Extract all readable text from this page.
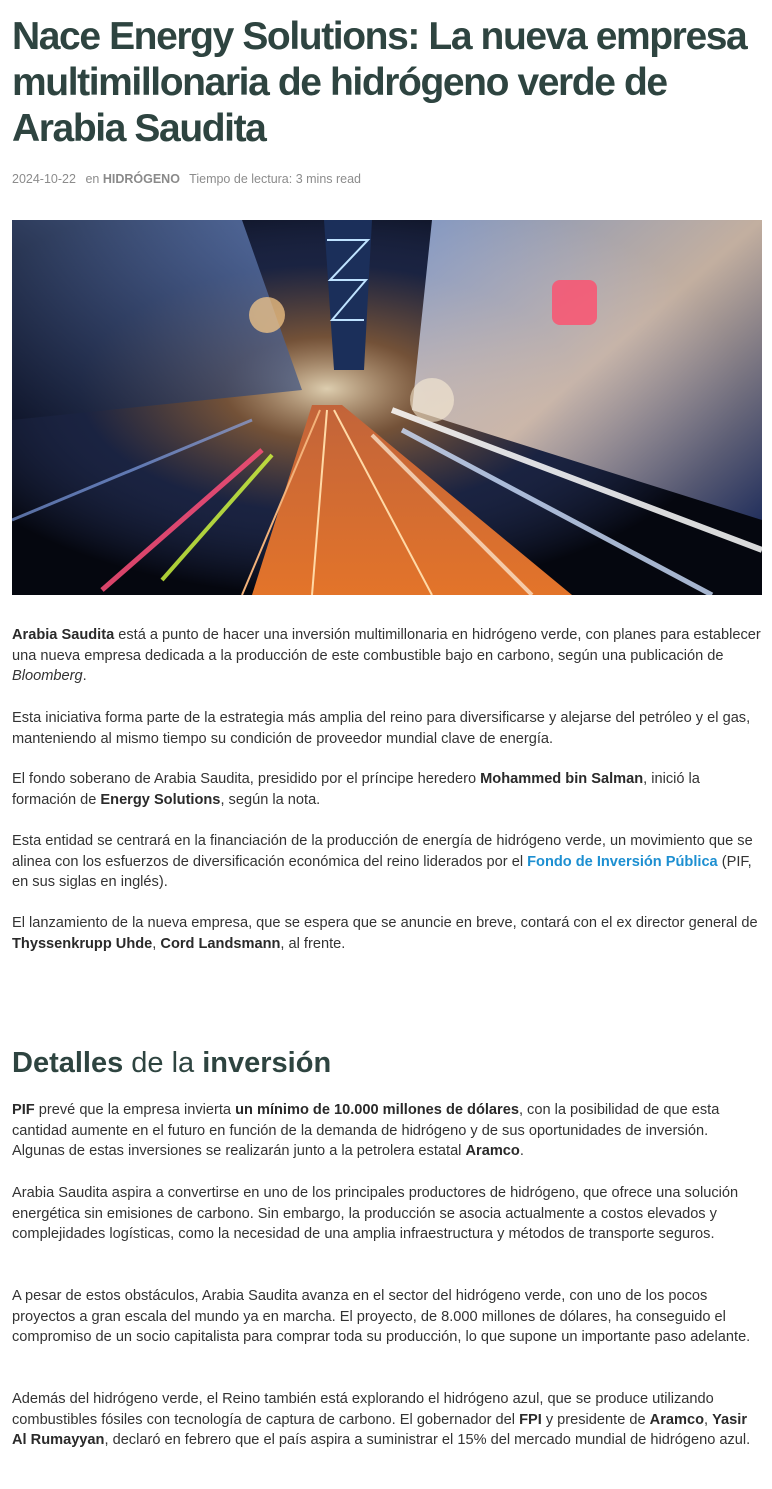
Nace Energy Solutions: La nueva empresa multimillonaria de hidrógeno verde de Arabia Saudita
2024-10-22 en HIDRÓGENO Tiempo de lectura: 3 mins read

Arabia Saudita está a punto de hacer una inversión multimillonaria en hidrógeno verde, con planes para establecer una nueva empresa dedicada a la producción de este combustible bajo en carbono, según una publicación de Bloomberg.

Esta iniciativa forma parte de la estrategia más amplia del reino para diversificarse y alejarse del petróleo y el gas, manteniendo al mismo tiempo su condición de proveedor mundial clave de energía.

El fondo soberano de Arabia Saudita, presidido por el príncipe heredero Mohammed bin Salman, inició la formación de Energy Solutions, según la nota.

Esta entidad se centrará en la financiación de la producción de energía de hidrógeno verde, un movimiento que se alinea con los esfuerzos de diversificación económica del reino liderados por el Fondo de Inversión Pública (PIF, en sus siglas en inglés).

El lanzamiento de la nueva empresa, que se espera que se anuncie en breve, contará con el ex director general de Thyssenkrupp Uhde, Cord Landsmann, al frente.

Detalles de la inversión

PIF prevé que la empresa invierta un mínimo de 10.000 millones de dólares, con la posibilidad de que esta cantidad aumente en el futuro en función de la demanda de hidrógeno y de sus oportunidades de inversión. Algunas de estas inversiones se realizarán junto a la petrolera estatal Aramco.

Arabia Saudita aspira a convertirse en uno de los principales productores de hidrógeno, que ofrece una solución energética sin emisiones de carbono. Sin embargo, la producción se asocia actualmente a costos elevados y complejidades logísticas, como la necesidad de una amplia infraestructura y métodos de transporte seguros.

A pesar de estos obstáculos, Arabia Saudita avanza en el sector del hidrógeno verde, con uno de los pocos proyectos a gran escala del mundo ya en marcha. El proyecto, de 8.000 millones de dólares, ha conseguido el compromiso de un socio capitalista para comprar toda su producción, lo que supone un importante paso adelante.

Además del hidrógeno verde, el Reino también está explorando el hidrógeno azul, que se produce utilizando combustibles fósiles con tecnología de captura de carbono. El gobernador del FPI y presidente de Aramco, Yasir Al Rumayyan, declaró en febrero que el país aspira a suministrar el 15% del mercado mundial de hidrógeno azul.
